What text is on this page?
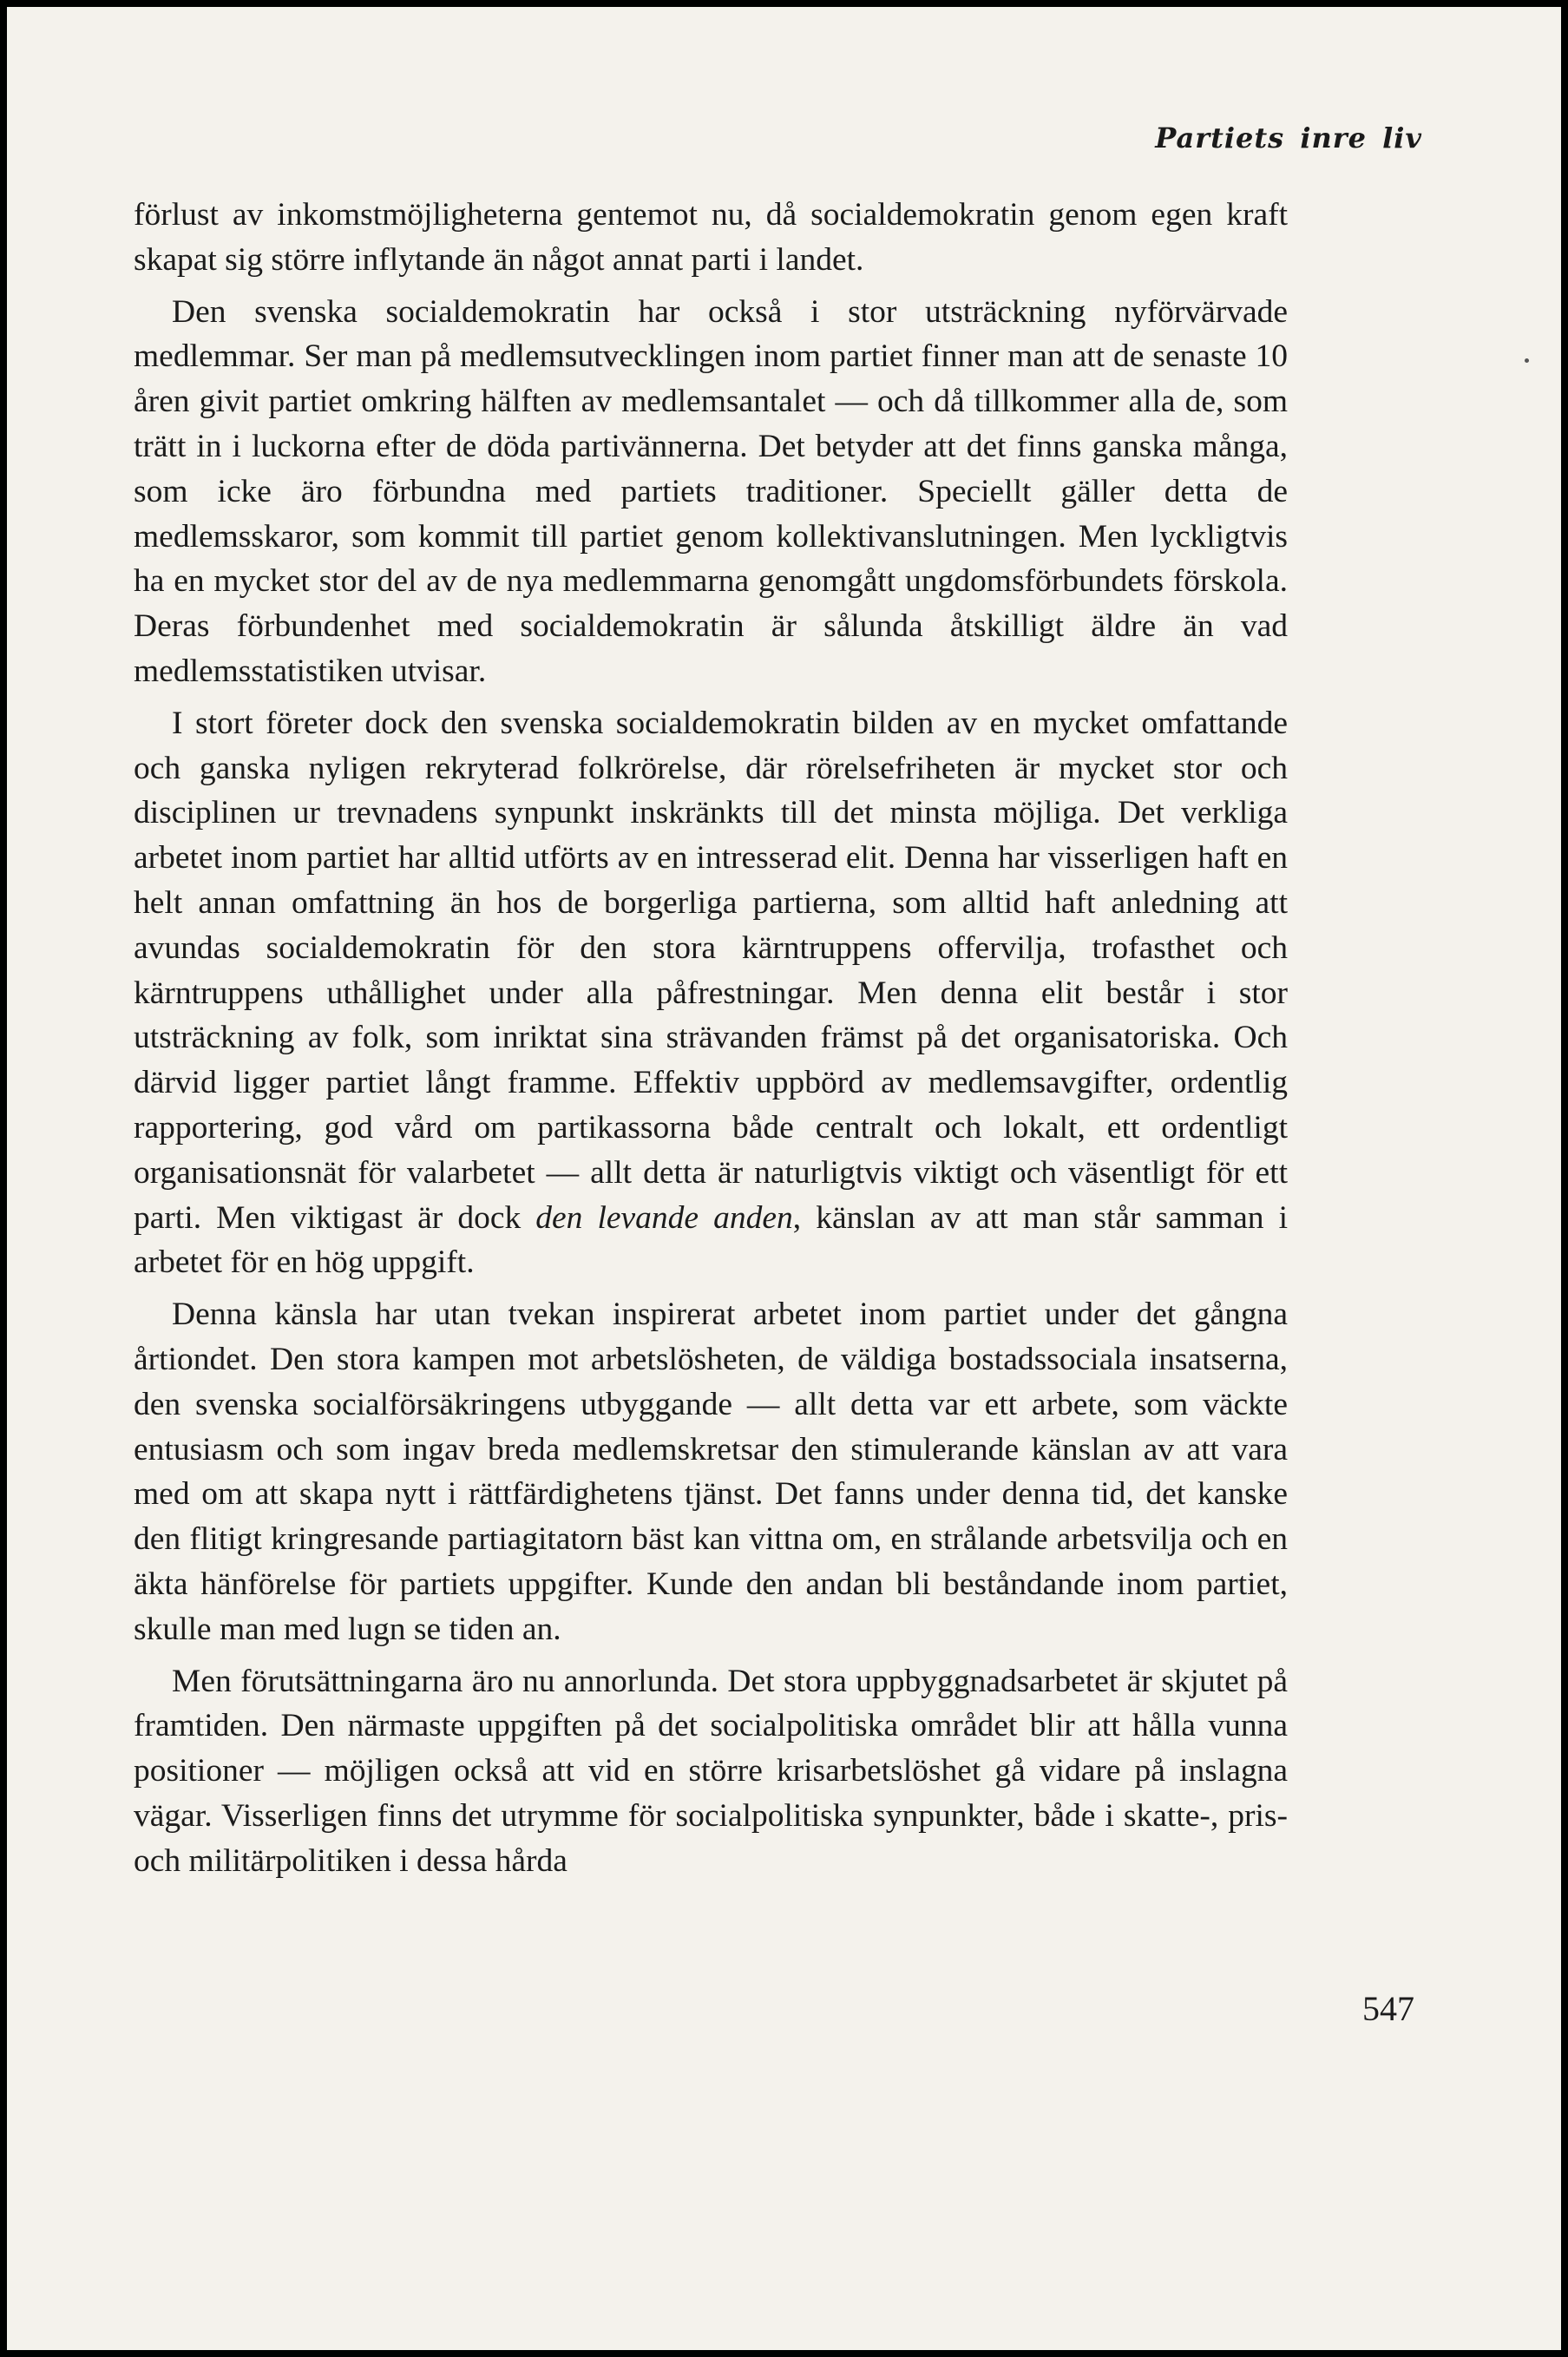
Partiets inre liv

förlust av inkomstmöjligheterna gentemot nu, då socialdemokratin genom egen kraft skapat sig större inflytande än något annat parti i landet.

Den svenska socialdemokratin har också i stor utsträckning nyförvärvade medlemmar. Ser man på medlemsutvecklingen inom partiet finner man att de senaste 10 åren givit partiet omkring hälften av medlemsantalet — och då tillkommer alla de, som trätt in i luckorna efter de döda partivännerna. Det betyder att det finns ganska många, som icke äro förbundna med partiets traditioner. Speciellt gäller detta de medlemsskaror, som kommit till partiet genom kollektivanslutningen. Men lyckligtvis ha en mycket stor del av de nya medlemmarna genomgått ungdomsförbundets förskola. Deras förbundenhet med socialdemokratin är sålunda åtskilligt äldre än vad medlemsstatistiken utvisar.

I stort företer dock den svenska socialdemokratin bilden av en mycket omfattande och ganska nyligen rekryterad folkrörelse, där rörelsefriheten är mycket stor och disciplinen ur trevnadens synpunkt inskränkts till det minsta möjliga. Det verkliga arbetet inom partiet har alltid utförts av en intresserad elit. Denna har visserligen haft en helt annan omfattning än hos de borgerliga partierna, som alltid haft anledning att avundas socialdemokratin för den stora kärntruppens offervilja, trofasthet och kärntruppens uthållighet under alla påfrestningar. Men denna elit består i stor utsträckning av folk, som inriktat sina strävanden främst på det organisatoriska. Och därvid ligger partiet långt framme. Effektiv uppbörd av medlemsavgifter, ordentlig rapportering, god vård om partikassorna både centralt och lokalt, ett ordentligt organisationsnät för valarbetet — allt detta är naturligtvis viktigt och väsentligt för ett parti. Men viktigast är dock den levande anden, känslan av att man står samman i arbetet för en hög uppgift.

Denna känsla har utan tvekan inspirerat arbetet inom partiet under det gångna årtiondet. Den stora kampen mot arbetslösheten, de väldiga bostadssociala insatserna, den svenska socialförsäkringens utbyggande — allt detta var ett arbete, som väckte entusiasm och som ingav breda medlemskretsar den stimulerande känslan av att vara med om att skapa nytt i rättfärdighetens tjänst. Det fanns under denna tid, det kanske den flitigt kringresande partiagitatorn bäst kan vittna om, en strålande arbetsvilja och en äkta hänförelse för partiets uppgifter. Kunde den andan bli beståndande inom partiet, skulle man med lugn se tiden an.

Men förutsättningarna äro nu annorlunda. Det stora uppbyggnadsarbetet är skjutet på framtiden. Den närmaste uppgiften på det socialpolitiska området blir att hålla vunna positioner — möjligen också att vid en större krisarbetslöshet gå vidare på inslagna vägar. Visserligen finns det utrymme för socialpolitiska synpunkter, både i skatte-, pris- och militärpolitiken i dessa hårda

547
